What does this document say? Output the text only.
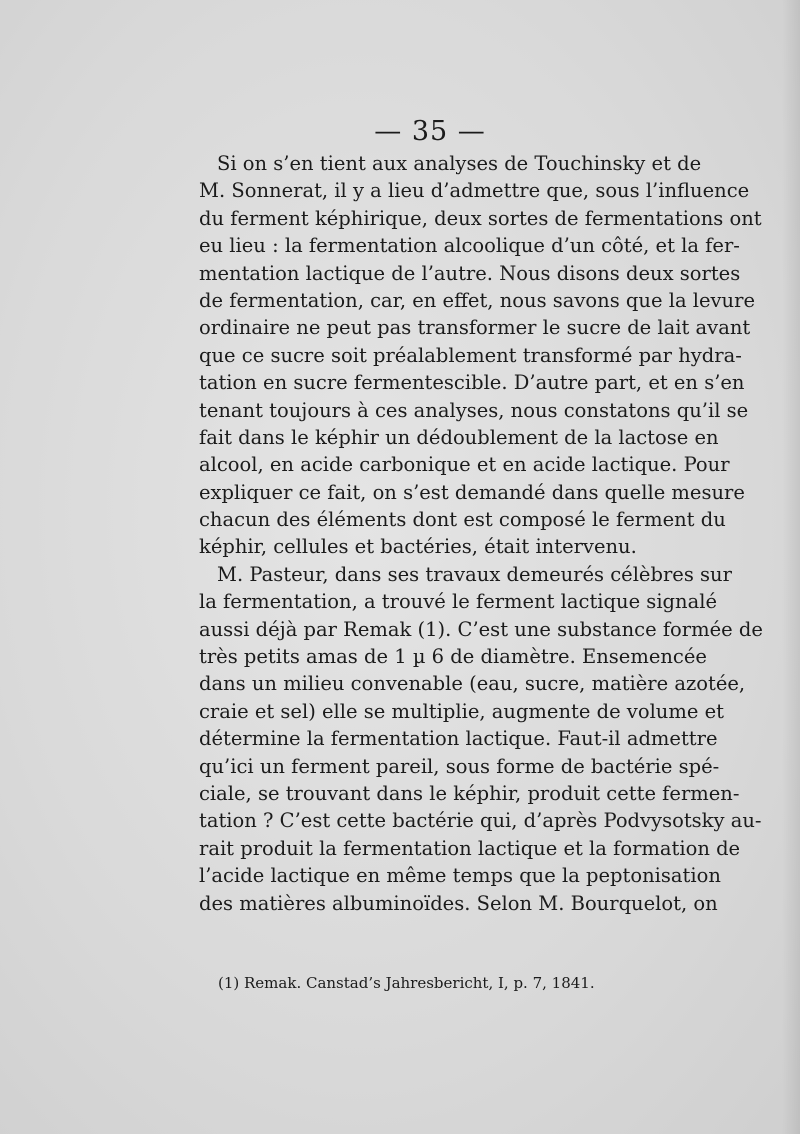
— 35 —
Si on s’en tient aux analyses de Touchinsky et de
M. Sonnerat, il y a lieu d’admettre que, sous l’influence
du ferment képhirique, deux sortes de fermentations ont
eu lieu : la fermentation alcoolique d’un côté, et la fer-
mentation lactique de l’autre. Nous disons deux sortes
de fermentation, car, en effet, nous savons que la levure
ordinaire ne peut pas transformer le sucre de lait avant
que ce sucre soit préalablement transformé par hydra-
tation en sucre fermentescible. D’autre part, et en s’en
tenant toujours à ces analyses, nous constatons qu’il se
fait dans le képhir un dédoublement de la lactose en
alcool, en acide carbonique et en acide lactique. Pour
expliquer ce fait, on s’est demandé dans quelle mesure
chacun des éléments dont est composé le ferment du
képhir, cellules et bactéries, était intervenu.
M. Pasteur, dans ses travaux demeurés célèbres sur
la fermentation, a trouvé le ferment lactique signalé
aussi déjà par Remak (1). C’est une substance formée de
très petits amas de 1 µ 6 de diamètre. Ensemencée
dans un milieu convenable (eau, sucre, matière azotée,
craie et sel) elle se multiplie, augmente de volume et
détermine la fermentation lactique. Faut-il admettre
qu’ici un ferment pareil, sous forme de bactérie spé-
ciale, se trouvant dans le képhir, produit cette fermen-
tation ? C’est cette bactérie qui, d’après Podvysotsky au-
rait produit la fermentation lactique et la formation de
l’acide lactique en même temps que la peptonisation
des matières albuminoïdes. Selon M. Bourquelot, on
(1) Remak. Canstad’s Jahresbericht, I, p. 7, 1841.
